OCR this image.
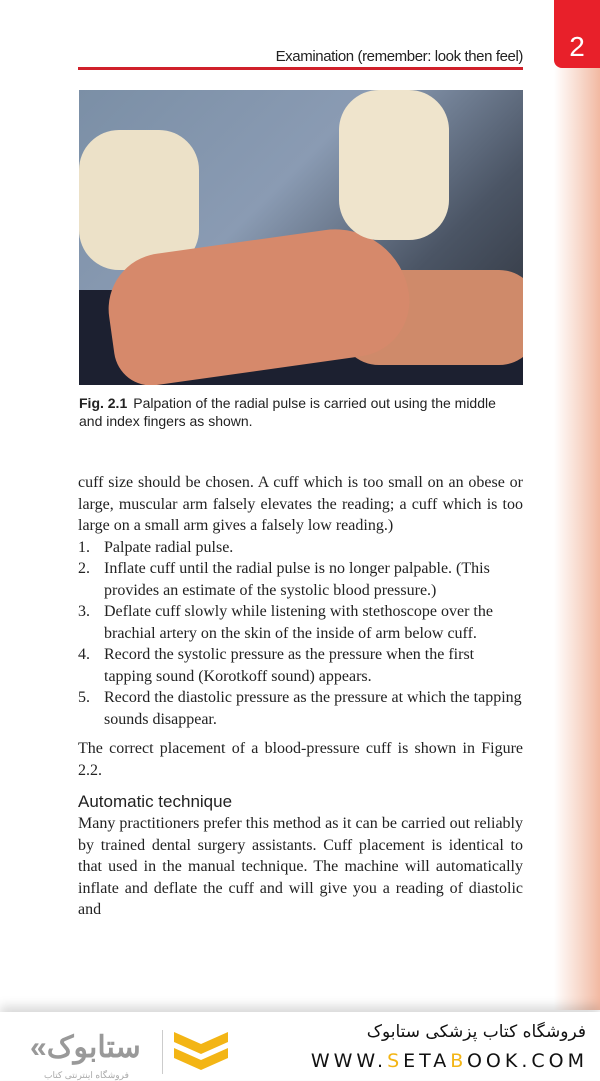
2
Examination (remember: look then feel)
Fig. 2.1 Palpation of the radial pulse is carried out using the middle and index fingers as shown.

cuff size should be chosen. A cuff which is too small on an obese or large, muscular arm falsely elevates the reading; a cuff which is too large on a small arm gives a falsely low reading.)

1. Palpate radial pulse.
2. Inflate cuff until the radial pulse is no longer palpable. (This provides an estimate of the systolic blood pressure.)
3. Deflate cuff slowly while listening with stethoscope over the brachial artery on the skin of the inside of arm below cuff.
4. Record the systolic pressure as the pressure when the first tapping sound (Korotkoff sound) appears.
5. Record the diastolic pressure as the pressure at which the tapping sounds disappear.

The correct placement of a blood-pressure cuff is shown in Figure 2.2.

Automatic technique

Many practitioners prefer this method as it can be carried out reliably by trained dental surgery assistants. Cuff placement is identical to that used in the manual technique. The machine will automatically inflate and deflate the cuff and will give you a reading of diastolic and

«ستابوک
فروشگاه اینترنتی کتاب
فروشگاه کتاب پزشکی ستابوک
WWW.SETABOOK.COM
